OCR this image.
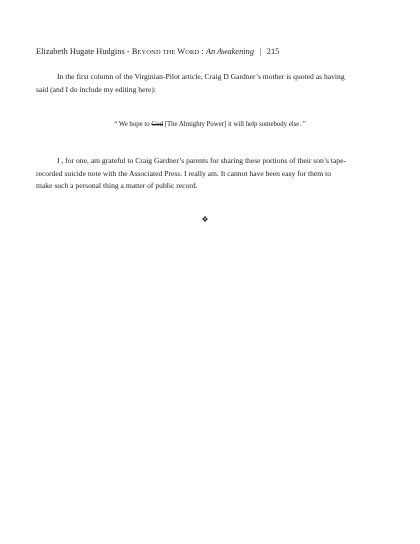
Elizabeth Hugate Hudgins - BEYOND THE WORD : An Awakening | 215
In the first column of the Virginian-Pilot article, Craig D Gardner’s mother is quoted as having
said (and I do include my editing here):
“ We hope to God [The Almighty Power] it will help somebody else. ”
I , for one, am grateful to Craig Gardner’s parents for sharing these portions of their son’s tape-
recorded suicide note with the Associated Press. I really am. It cannot have been easy for them to
make such a personal thing a matter of public record.
❖
